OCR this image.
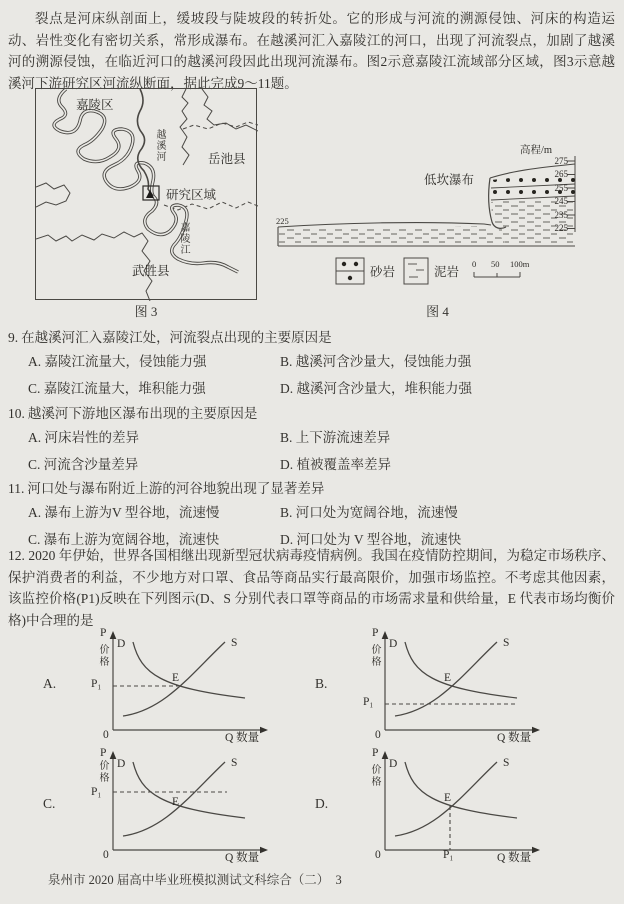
裂点是河床纵剖面上，缓坡段与陡坡段的转折处。它的形成与河流的溯源侵蚀、河床的构造运动、岩性变化有密切关系，常形成瀑布。在越溪河汇入嘉陵江的河口，出现了河流裂点，加剧了越溪河的溯源侵蚀，在临近河口的越溪河段因此出现河流瀑布。图2示意嘉陵江流域部分区域，图3示意越溪河下游研究区河流纵断面，据此完成9～11题。
嘉陵区
岳池县
越溪河
研究区域
嘉陵江
武胜县
图 3
高程/m
275
265
255
245
235
225
低坎瀑布
225
砂岩	泥岩
0 50 100m
图 4
9. 在越溪河汇入嘉陵江处，河流裂点出现的主要原因是
A. 嘉陵江流量大，侵蚀能力强	B. 越溪河含沙量大，侵蚀能力强
C. 嘉陵江流量大，堆积能力强	D. 越溪河含沙量大，堆积能力强
10. 越溪河下游地区瀑布出现的主要原因是
A. 河床岩性的差异	B. 上下游流速差异
C. 河流含沙量差异	D. 植被覆盖率差异
11. 河口处与瀑布附近上游的河谷地貌出现了显著差异
A. 瀑布上游为V 型谷地，流速慢	B. 河口处为宽阔谷地，流速慢
C. 瀑布上游为宽阔谷地，流速快	D. 河口处为 V 型谷地，流速快
12. 2020 年伊始，世界各国相继出现新型冠状病毒疫情病例。我国在疫情防控期间，为稳定市场秩序、保护消费者的利益，不少地方对口罩、食品等商品实行最高限价，加强市场监控。不考虑其他因素，该监控价格(P1)反映在下列图示(D、S 分别代表口罩等商品的市场需求量和供给量，E 代表市场均衡价格)中合理的是
A.
P
价格
P₁
D	S
E
0	Q 数量
B.
P
价格
P₁
D	S
E
0	Q 数量
C.
P
价格
P₁
D	S
E
0	Q 数量
D.
P
价格
P₁
D	S
E
0	Q 数量
泉州市 2020 届高中毕业班模拟测试文科综合（二）　3
